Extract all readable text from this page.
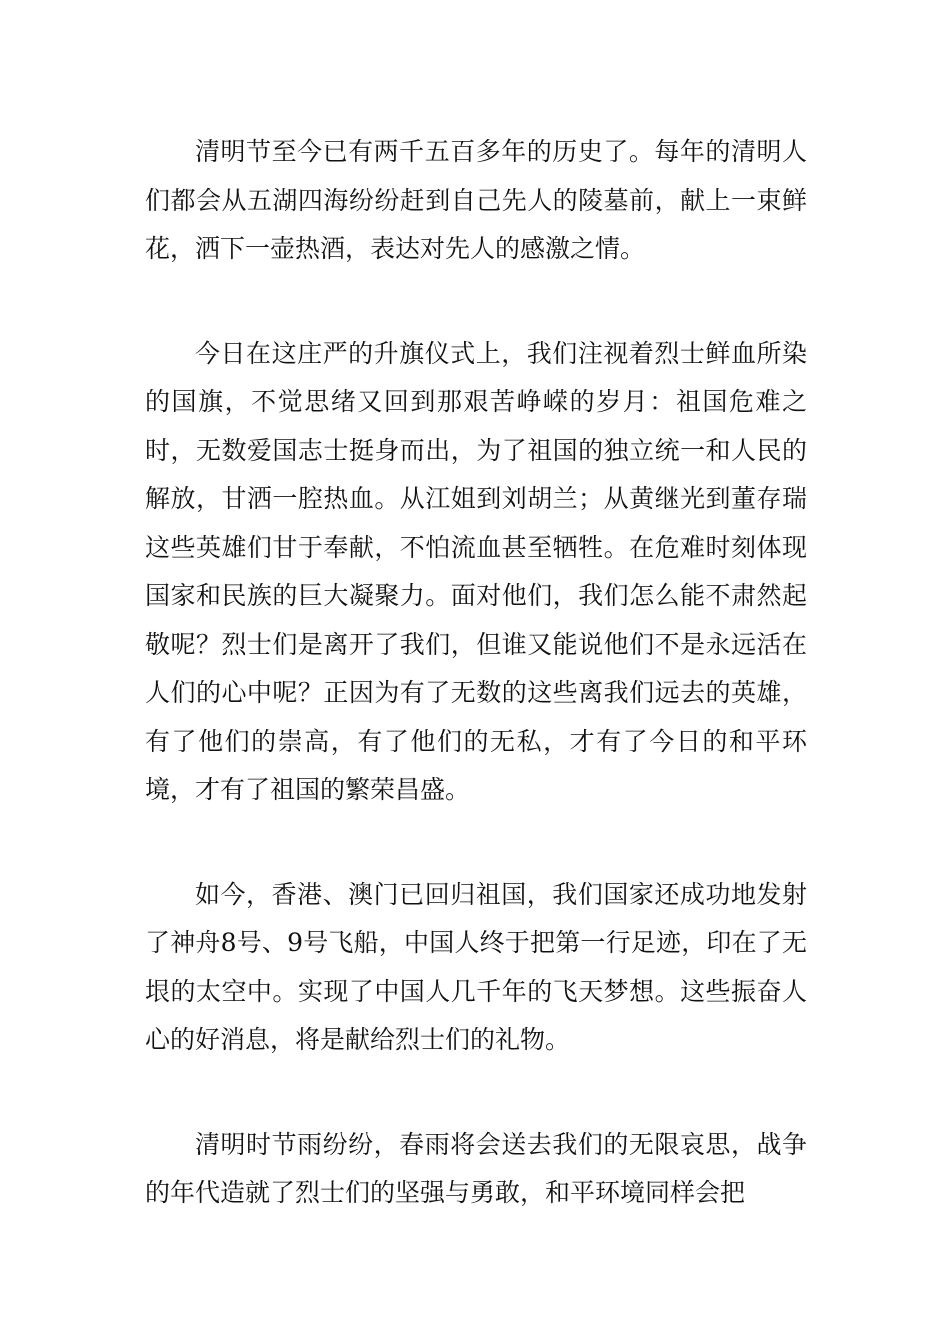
清明节至今已有两千五百多年的历史了。每年的清明人们都会从五湖四海纷纷赶到自己先人的陵墓前，献上一束鲜花，洒下一壶热酒，表达对先人的感激之情。

今日在这庄严的升旗仪式上，我们注视着烈士鲜血所染的国旗，不觉思绪又回到那艰苦峥嵘的岁月：祖国危难之时，无数爱国志士挺身而出，为了祖国的独立统一和人民的解放，甘洒一腔热血。从江姐到刘胡兰；从黄继光到董存瑞这些英雄们甘于奉献，不怕流血甚至牺牲。在危难时刻体现国家和民族的巨大凝聚力。面对他们，我们怎么能不肃然起敬呢？烈士们是离开了我们，但谁又能说他们不是永远活在人们的心中呢？正因为有了无数的这些离我们远去的英雄，有了他们的崇高，有了他们的无私，才有了今日的和平环境，才有了祖国的繁荣昌盛。

如今，香港、澳门已回归祖国，我们国家还成功地发射了神舟8号、9号飞船，中国人终于把第一行足迹，印在了无垠的太空中。实现了中国人几千年的飞天梦想。这些振奋人心的好消息，将是献给烈士们的礼物。

清明时节雨纷纷，春雨将会送去我们的无限哀思，战争的年代造就了烈士们的坚强与勇敢，和平环境同样会把
